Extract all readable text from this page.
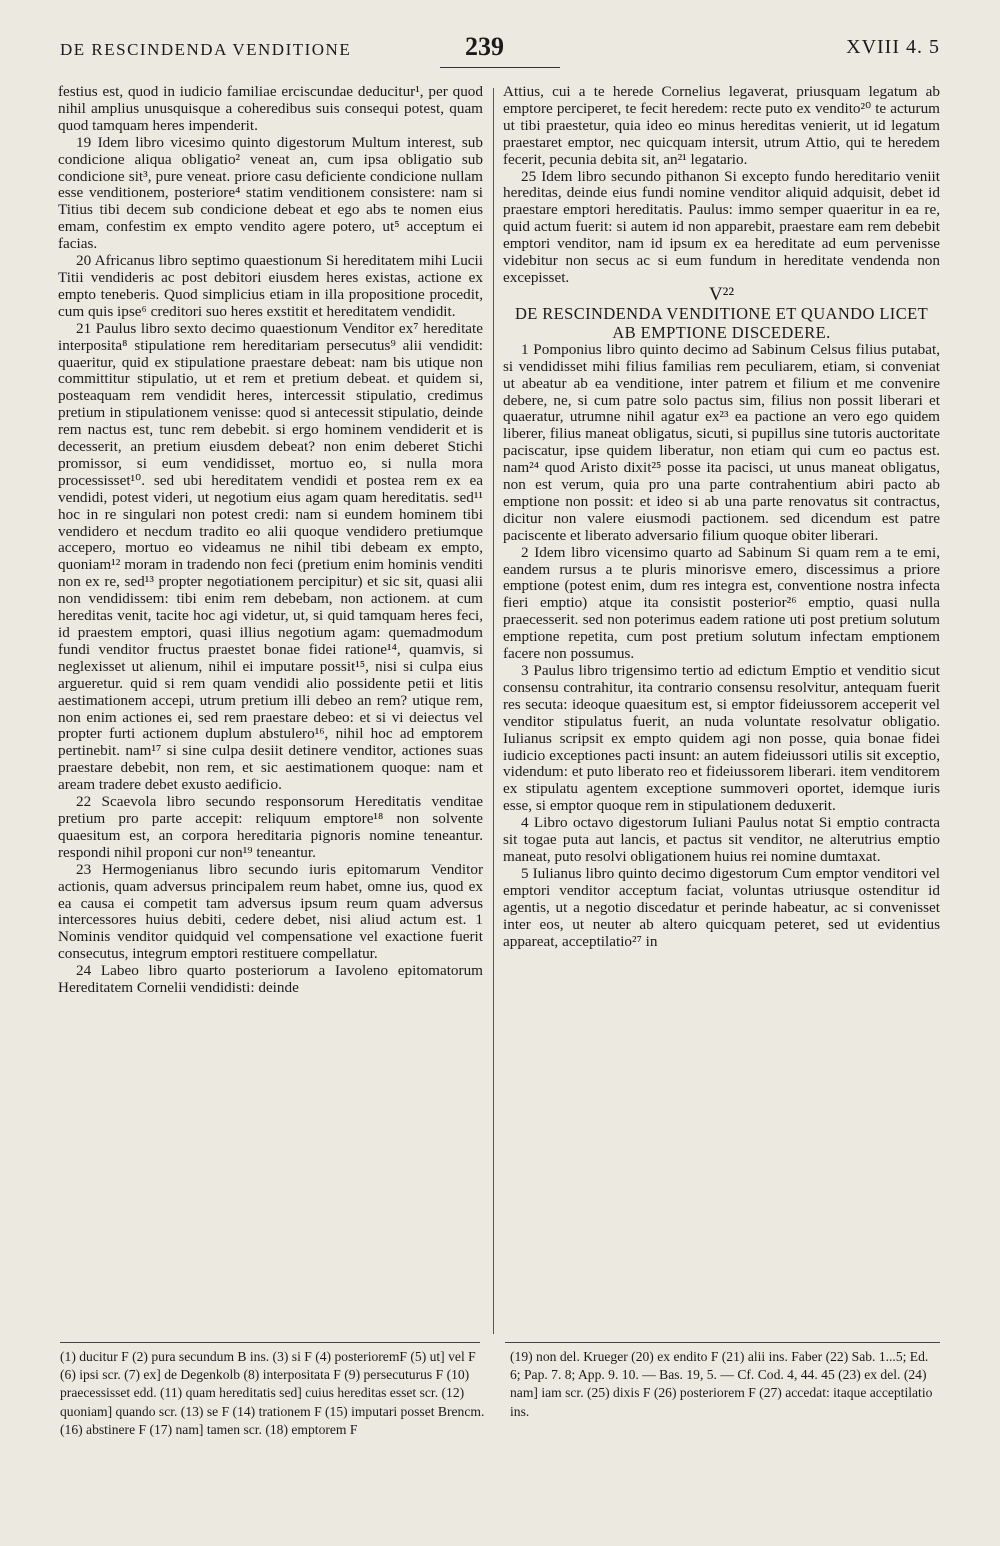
DE RESCINDENDA VENDITIONE	239	XVIII 4. 5

festius est, quod in iudicio familiae erciscundae deducitur¹, per quod nihil amplius unusquisque a coheredibus suis consequi potest, quam quod tamquam heres impenderit.

19 Idem libro vicesimo quinto digestorum Multum interest, sub condicione aliqua obligatio² veneat an, cum ipsa obligatio sub condicione sit³, pure veneat. priore casu deficiente condicione nullam esse venditionem, posteriore⁴ statim venditionem consistere: nam si Titius tibi decem sub condicione debeat et ego abs te nomen eius emam, confestim ex empto vendito agere potero, ut⁵ acceptum ei facias.

20 Africanus libro septimo quaestionum Si hereditatem mihi Lucii Titii vendideris ac post debitori eiusdem heres existas, actione ex empto teneberis. Quod simplicius etiam in illa propositione procedit, cum quis ipse⁶ creditori suo heres exstitit et hereditatem vendidit.

21 Paulus libro sexto decimo quaestionum Venditor ex⁷ hereditate interposita⁸ stipulatione rem hereditariam persecutus⁹ alii vendidit: quaeritur, quid ex stipulatione praestare debeat: nam bis utique non committitur stipulatio, ut et rem et pretium debeat. et quidem si, posteaquam rem vendidit heres, intercessit stipulatio, credimus pretium in stipulationem venisse: quod si antecessit stipulatio, deinde rem nactus est, tunc rem debebit. si ergo hominem vendiderit et is decesserit, an pretium eiusdem debeat? non enim deberet Stichi promissor, si eum vendidisset, mortuo eo, si nulla mora processisset¹⁰. sed ubi hereditatem vendidi et postea rem ex ea vendidi, potest videri, ut negotium eius agam quam hereditatis. sed¹¹ hoc in re singulari non potest credi: nam si eundem hominem tibi vendidero et necdum tradito eo alii quoque vendidero pretiumque accepero, mortuo eo videamus ne nihil tibi debeam ex empto, quoniam¹² moram in tradendo non feci (pretium enim hominis venditi non ex re, sed¹³ propter negotiationem percipitur) et sic sit, quasi alii non vendidissem: tibi enim rem debebam, non actionem. at cum hereditas venit, tacite hoc agi videtur, ut, si quid tamquam heres feci, id praestem emptori, quasi illius negotium agam: quemadmodum fundi venditor fructus praestet bonae fidei ratione¹⁴, quamvis, si neglexisset ut alienum, nihil ei imputare possit¹⁵, nisi si culpa eius argueretur. quid si rem quam vendidi alio possidente petii et litis aestimationem accepi, utrum pretium illi debeo an rem? utique rem, non enim actiones ei, sed rem praestare debeo: et si vi deiectus vel propter furti actionem duplum abstulero¹⁶, nihil hoc ad emptorem pertinebit. nam¹⁷ si sine culpa desiit detinere venditor, actiones suas praestare debebit, non rem, et sic aestimationem quoque: nam et aream tradere debet exusto aedificio.

22 Scaevola libro secundo responsorum Hereditatis venditae pretium pro parte accepit: reliquum emptore¹⁸ non solvente quaesitum est, an corpora hereditaria pignoris nomine teneantur. respondi nihil proponi cur non¹⁹ teneantur.

23 Hermogenianus libro secundo iuris epitomarum Venditor actionis, quam adversus principalem reum habet, omne ius, quod ex ea causa ei competit tam adversus ipsum reum quam adversus intercessores huius debiti, cedere debet, nisi aliud actum est. 1 Nominis venditor quidquid vel compensatione vel exactione fuerit consecutus, integrum emptori restituere compellatur.

24 Labeo libro quarto posteriorum a Iavoleno epitomatorum Hereditatem Cornelii vendidisti: deinde

Attius, cui a te herede Cornelius legaverat, priusquam legatum ab emptore perciperet, te fecit heredem: recte puto ex vendito²⁰ te acturum ut tibi praestetur, quia ideo eo minus hereditas venierit, ut id legatum praestaret emptor, nec quicquam intersit, utrum Attio, qui te heredem fecerit, pecunia debita sit, an²¹ legatario.

25 Idem libro secundo pithanon Si excepto fundo hereditario veniit hereditas, deinde eius fundi nomine venditor aliquid adquisit, debet id praestare emptori hereditatis. Paulus: immo semper quaeritur in ea re, quid actum fuerit: si autem id non apparebit, praestare eam rem debebit emptori venditor, nam id ipsum ex ea hereditate ad eum pervenisse videbitur non secus ac si eum fundum in hereditate vendenda non excepisset.

V²²

DE RESCINDENDA VENDITIONE ET QUANDO LICET AB EMPTIONE DISCEDERE.

1 Pomponius libro quinto decimo ad Sabinum Celsus filius putabat, si vendidisset mihi filius familias rem peculiarem, etiam, si conveniat ut abeatur ab ea venditione, inter patrem et filium et me convenire debere, ne, si cum patre solo pactus sim, filius non possit liberari et quaeratur, utrumne nihil agatur ex²³ ea pactione an vero ego quidem liberer, filius maneat obligatus, sicuti, si pupillus sine tutoris auctoritate paciscatur, ipse quidem liberatur, non etiam qui cum eo pactus est. nam²⁴ quod Aristo dixit²⁵ posse ita pacisci, ut unus maneat obligatus, non est verum, quia pro una parte contrahentium abiri pacto ab emptione non possit: et ideo si ab una parte renovatus sit contractus, dicitur non valere eiusmodi pactionem. sed dicendum est patre paciscente et liberato adversario filium quoque obiter liberari.

2 Idem libro vicensimo quarto ad Sabinum Si quam rem a te emi, eandem rursus a te pluris minorisve emero, discessimus a priore emptione (potest enim, dum res integra est, conventione nostra infecta fieri emptio) atque ita consistit posterior²⁶ emptio, quasi nulla praecesserit. sed non poterimus eadem ratione uti post pretium solutum emptione repetita, cum post pretium solutum infectam emptionem facere non possumus.

3 Paulus libro trigensimo tertio ad edictum Emptio et venditio sicut consensu contrahitur, ita contrario consensu resolvitur, antequam fuerit res secuta: ideoque quaesitum est, si emptor fideiussorem acceperit vel venditor stipulatus fuerit, an nuda voluntate resolvatur obligatio. Iulianus scripsit ex empto quidem agi non posse, quia bonae fidei iudicio exceptiones pacti insunt: an autem fideiussori utilis sit exceptio, videndum: et puto liberato reo et fideiussorem liberari. item venditorem ex stipulatu agentem exceptione summoveri oportet, idemque iuris esse, si emptor quoque rem in stipulationem deduxerit.

4 Libro octavo digestorum Iuliani Paulus notat Si emptio contracta sit togae puta aut lancis, et pactus sit venditor, ne alterutrius emptio maneat, puto resolvi obligationem huius rei nomine dumtaxat.

5 Iulianus libro quinto decimo digestorum Cum emptor venditori vel emptori venditor acceptum faciat, voluntas utriusque ostenditur id agentis, ut a negotio discedatur et perinde habeatur, ac si convenisset inter eos, ut neuter ab altero quicquam peteret, sed ut evidentius appareat, acceptilatio²⁷ in

(1) ducitur F (2) pura secundum B ins. (3) si F (4) posterioremF (5) ut] vel F (6) ipsi scr. (7) ex] de Degenkolb (8) interpositata F (9) persecuturus F (10) praecessisset edd. (11) quam hereditatis sed] cuius hereditas esset scr. (12) quoniam] quando scr. (13) se F (14) trationem F (15) imputari posset Brencm. (16) abstinere F (17) nam] tamen scr. (18) emptorem F
(19) non del. Krueger (20) ex endito F (21) alii ins. Faber (22) Sab. 1...5; Ed. 6; Pap. 7. 8; App. 9. 10. — Bas. 19, 5. — Cf. Cod. 4, 44. 45 (23) ex del. (24) nam] iam scr. (25) dixis F (26) posteriorem F (27) accedat: itaque acceptilatio ins.
